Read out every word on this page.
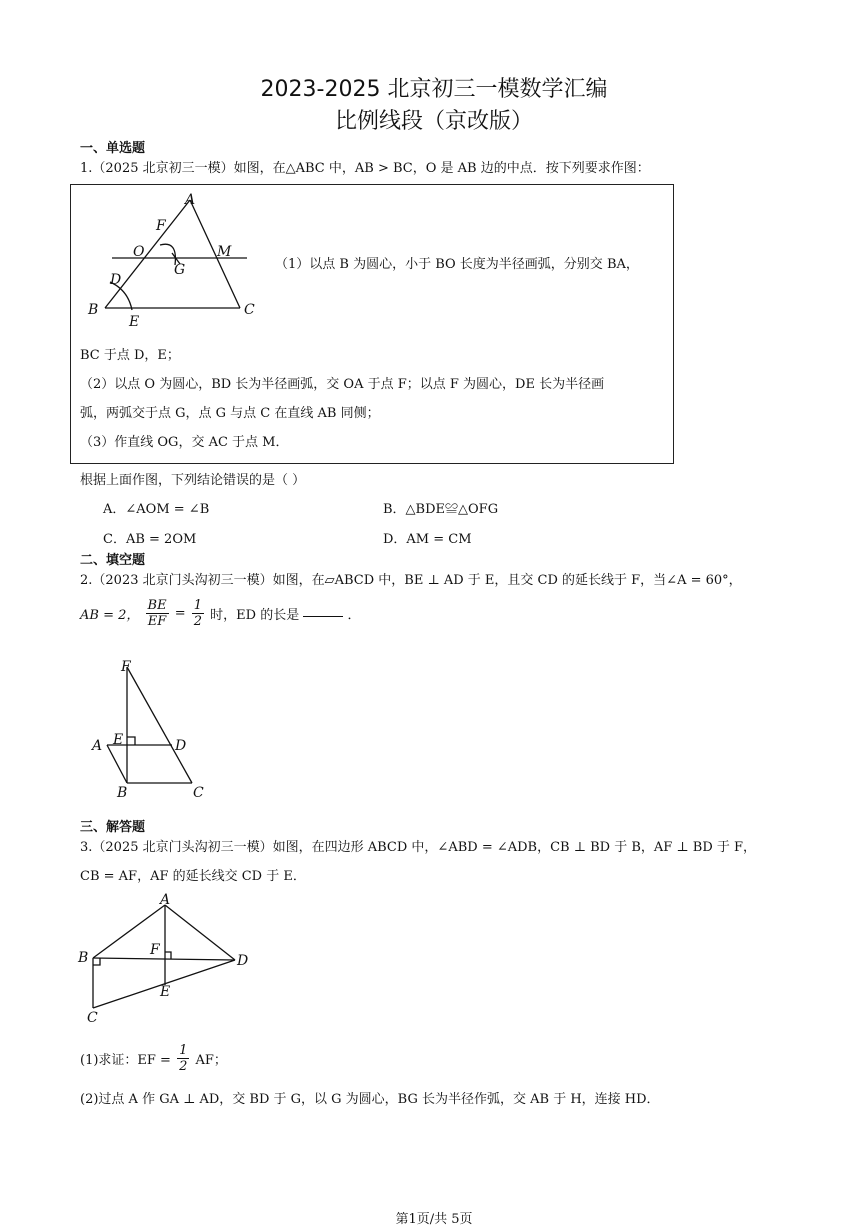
2023-2025 北京初三一模数学汇编
比例线段（京改版）
一、单选题
1.（2025 北京初三一模）如图，在△ABC 中，AB > BC，O 是 AB 边的中点．按下列要求作图：
A
F
O	M
G
D
B
E
C
（1）以点 B 为圆心，小于 BO 长度为半径画弧，分别交 BA，
BC 于点 D，E；
（2）以点 O 为圆心，BD 长为半径画弧，交 OA 于点 F；以点 F 为圆心，DE 长为半径画
弧，两弧交于点 G，点 G 与点 C 在直线 AB 同侧；
（3）作直线 OG，交 AC 于点 M．
根据上面作图，下列结论错误的是（ ）
A．∠AOM = ∠B	B．△BDE≌△OFG
C．AB = 2OM	D．AM = CM
二、填空题
2.（2023 北京门头沟初三一模）如图，在▱ABCD 中，BE ⊥ AD 于 E，且交 CD 的延长线于 F，当∠A = 60°，
AB = 2， $\frac{BE}{EF} = \frac{1}{2}$ 时，ED 的长是	．
F
A E	D
B	C
三、解答题
3.（2025 北京门头沟初三一模）如图，在四边形 ABCD 中，∠ABD = ∠ADB，CB ⊥ BD 于 B，AF ⊥ BD 于 F，
CB = AF，AF 的延长线交 CD 于 E．
A
B	F
D
E
C
(1)求证：EF = $\frac{1}{2}$ AF；
(2)过点 A 作 GA ⊥ AD，交 BD 于 G，以 G 为圆心，BG 长为半径作弧，交 AB 于 H，连接 HD．
第1页/共 5页
